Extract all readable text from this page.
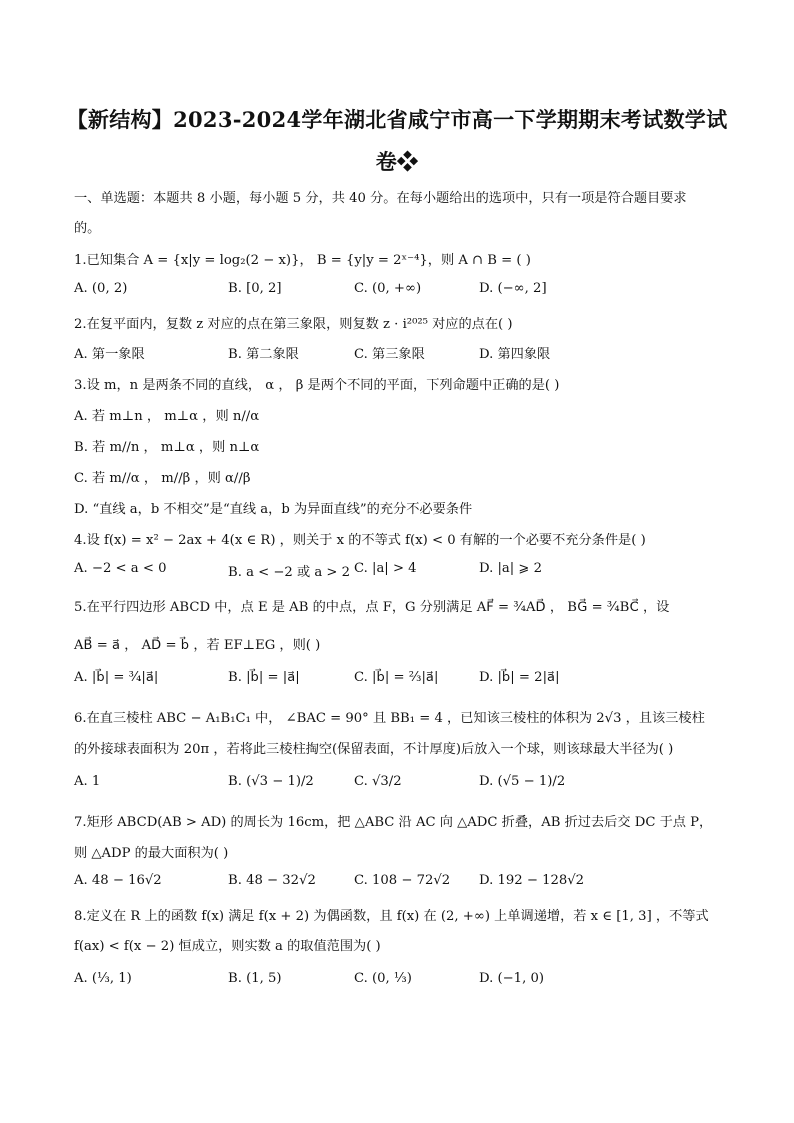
【新结构】2023-2024学年湖北省咸宁市高一下学期期末考试数学试
卷❖
一、单选题：本题共 8 小题，每小题 5 分，共 40 分。在每小题给出的选项中，只有一项是符合题目要求
的。
1.已知集合 A = {x|y = log₂(2 − x)}， B = {y|y = 2ˣ⁻⁴}，则 A ∩ B = ( )
A. (0, 2)	B. [0, 2]	C. (0, +∞)	D. (−∞, 2]
2.在复平面内，复数 z 对应的点在第三象限，则复数 z · i²⁰²⁵ 对应的点在( )
A. 第一象限	B. 第二象限	C. 第三象限	D. 第四象限
3.设 m，n 是两条不同的直线， α ， β 是两个不同的平面，下列命题中正确的是( )
A. 若 m⊥n ， m⊥α ，则 n//α
B. 若 m//n ， m⊥α ，则 n⊥α
C. 若 m//α ， m//β ，则 α//β
D. “直线 a，b 不相交”是“直线 a，b 为异面直线”的充分不必要条件
4.设 f(x) = x² − 2ax + 4(x ∈ R) ，则关于 x 的不等式 f(x) < 0 有解的一个必要不充分条件是( )
A. −2 < a < 0	B. a < −2 或 a > 2 C. |a| > 4	D. |a| ⩾ 2
5.在平行四边形 ABCD 中，点 E 是 AB 的中点，点 F，G 分别满足 AF⃗ = ³⁄₄AD⃗ ， BG⃗ = ³⁄₄BC⃗ ，设
AB⃗ = a⃗ ， AD⃗ = b⃗ ，若 EF⊥EG ，则( )
A. |b⃗| = ³⁄₄|a⃗|	B. |b⃗| = |a⃗|	C. |b⃗| = ²⁄₃|a⃗|	D. |b⃗| = 2|a⃗|
6.在直三棱柱 ABC − A₁B₁C₁ 中， ∠BAC = 90° 且 BB₁ = 4 ，已知该三棱柱的体积为 2√3 ，且该三棱柱
的外接球表面积为 20π ，若将此三棱柱掏空(保留表面，不计厚度)后放入一个球，则该球最大半径为( )
A. 1	B. (√3 − 1)/2	C. √3/2	D. (√5 − 1)/2
7.矩形 ABCD(AB > AD) 的周长为 16cm，把 △ABC 沿 AC 向 △ADC 折叠，AB 折过去后交 DC 于点 P，
则 △ADP 的最大面积为( )
A. 48 − 16√2	B. 48 − 32√2	C. 108 − 72√2 D. 192 − 128√2
8.定义在 R 上的函数 f(x) 满足 f(x + 2) 为偶函数，且 f(x) 在 (2, +∞) 上单调递增，若 x ∈ [1, 3] ，不等式
f(ax) < f(x − 2) 恒成立，则实数 a 的取值范围为( )
A. (¹⁄₃, 1)	B. (1, 5)	C. (0, ¹⁄₃)	D. (−1, 0)
